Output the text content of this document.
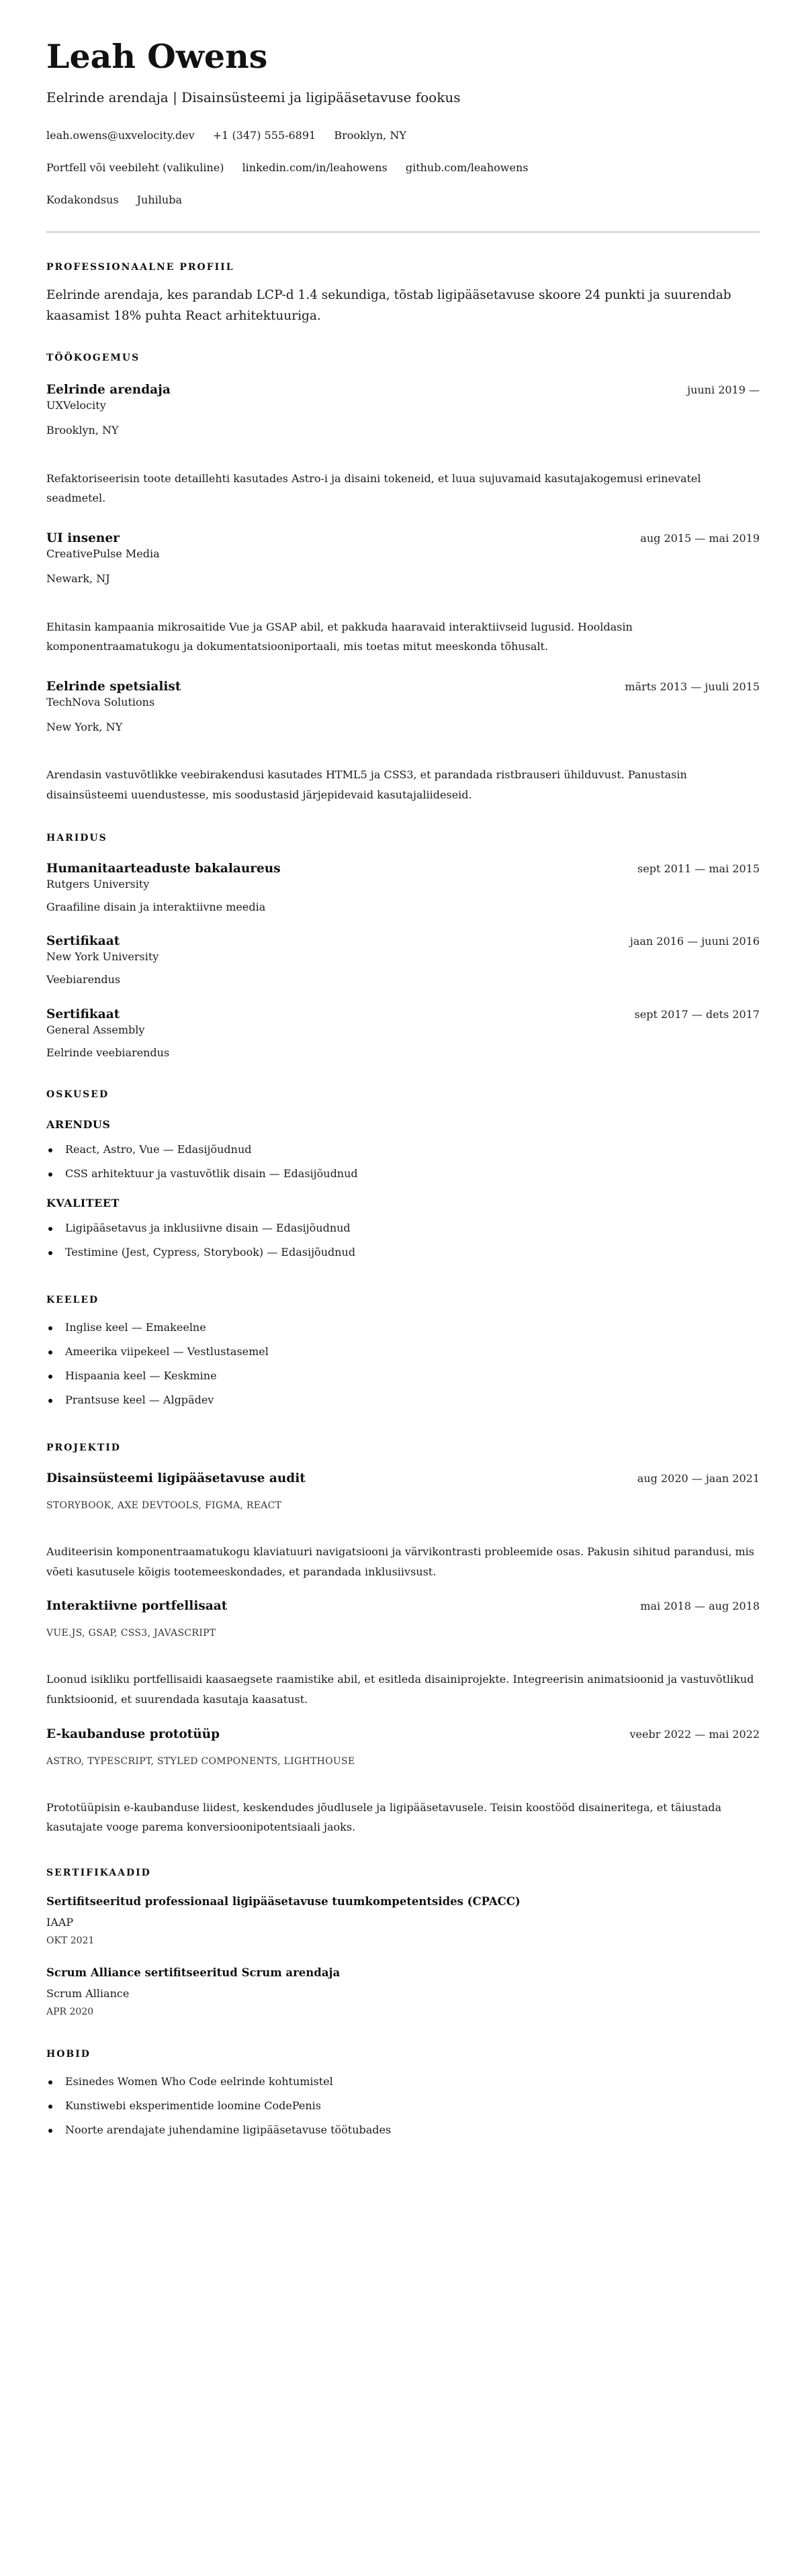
Leah Owens
Eelrinde arendaja | Disainsüsteemi ja ligipääsetavuse fookus
leah.owens@uxvelocity.dev +1 (347) 555-6891 Brooklyn, NY
Portfell või veebileht (valikuline) linkedin.com/in/leahowens github.com/leahowens
Kodakondsus Juhiluba
PROFESSIONAALNE PROFIIL

Eelrinde arendaja, kes parandab LCP-d 1.4 sekundiga, tõstab ligipääsetavuse skoore 24 punkti ja suurendab kaasamist 18% puhta React arhitektuuriga.

TÖÖKOGEMUS
Eelrinde arendaja	juuni 2019 —
UXVelocity
Brooklyn, NY
Refaktoriseerisin toote detaillehti kasutades Astro-i ja disaini tokeneid, et luua sujuvamaid kasutajakogemusi erinevatel seadmetel.
UI insener	aug 2015 — mai 2019
CreativePulse Media
Newark, NJ
Ehitasin kampaania mikrosaitide Vue ja GSAP abil, et pakkuda haaravaid interaktiivseid lugusid. Hooldasin komponentraamatukogu ja dokumentatsiooniportaali, mis toetas mitut meeskonda tõhusalt.
Eelrinde spetsialist	märts 2013 — juuli 2015
TechNova Solutions
New York, NY
Arendasin vastuvõtlikke veebirakendusi kasutades HTML5 ja CSS3, et parandada ristbrauseri ühilduvust. Panustasin disainsüsteemi uuendustesse, mis soodustasid järjepidevaid kasutajaliideseid.
HARIDUS
Humanitaarteaduste bakalaureus	sept 2011 — mai 2015
Rutgers University
Graafiline disain ja interaktiivne meedia
Sertifikaat	jaan 2016 — juuni 2016
New York University
Veebiarendus
Sertifikaat	sept 2017 — dets 2017
General Assembly
Eelrinde veebiarendus
OSKUSED
ARENDUS
React, Astro, Vue — Edasijõudnud
CSS arhitektuur ja vastuvõtlik disain — Edasijõudnud
KVALITEET
Ligipääsetavus ja inklusiivne disain — Edasijõudnud
Testimine (Jest, Cypress, Storybook) — Edasijõudnud
KEELED
Inglise keel — Emakeelne
Ameerika viipekeel — Vestlustasemel
Hispaania keel — Keskmine
Prantsuse keel — Algpädev
PROJEKTID
Disainsüsteemi ligipääsetavuse audit	aug 2020 — jaan 2021
STORYBOOK, AXE DEVTOOLS, FIGMA, REACT
Auditeerisin komponentraamatukogu klaviatuuri navigatsiooni ja värvikontrasti probleemide osas. Pakusin sihitud parandusi, mis võeti kasutusele kõigis tootemeeskondades, et parandada inklusiivsust.
Interaktiivne portfellisaat	mai 2018 — aug 2018
VUE.JS, GSAP, CSS3, JAVASCRIPT
Loonud isikliku portfellisaidi kaasaegsete raamistike abil, et esitleda disainiprojekte. Integreerisin animatsioonid ja vastuvõtlikud funktsioonid, et suurendada kasutaja kaasatust.
E-kaubanduse prototüüp	veebr 2022 — mai 2022
ASTRO, TYPESCRIPT, STYLED COMPONENTS, LIGHTHOUSE
Prototüüpisin e-kaubanduse liidest, keskendudes jõudlusele ja ligipääsetavusele. Teisin koostööd disaineritega, et täiustada kasutajate vooge parema konversioonipotentsiaali jaoks.
SERTIFIKAADID
Sertifitseeritud professionaal ligipääsetavuse tuumkompetentsides (CPACC)
IAAP
OKT 2021
Scrum Alliance sertifitseeritud Scrum arendaja
Scrum Alliance
APR 2020
HOBID
Esinedes Women Who Code eelrinde kohtumistel
Kunstiwebi eksperimentide loomine CodePenis
Noorte arendajate juhendamine ligipääsetavuse töötubades
